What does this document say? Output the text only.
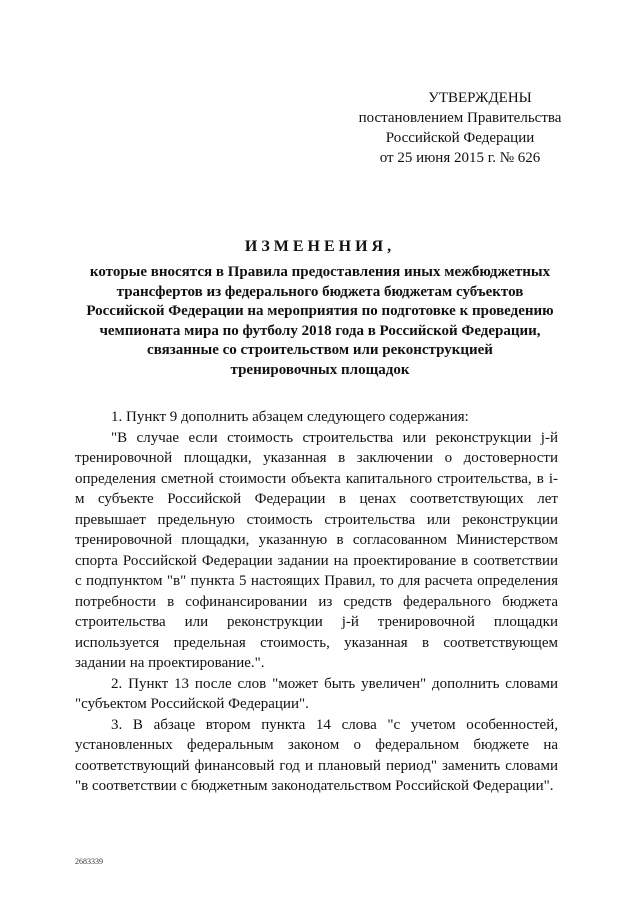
УТВЕРЖДЕНЫ
постановлением Правительства
Российской Федерации
от 25 июня 2015 г. № 626
ИЗМЕНЕНИЯ,
которые вносятся в Правила предоставления иных межбюджетных
трансфертов из федерального бюджета бюджетам субъектов
Российской Федерации на мероприятия по подготовке к проведению
чемпионата мира по футболу 2018 года в Российской Федерации,
связанные со строительством или реконструкцией
тренировочных площадок

1. Пункт 9 дополнить абзацем следующего содержания:

"В случае если стоимость строительства или реконструкции j-й тренировочной площадки, указанная в заключении о достоверности определения сметной стоимости объекта капитального строительства, в i-м субъекте Российской Федерации в ценах соответствующих лет превышает предельную стоимость строительства или реконструкции тренировочной площадки, указанную в согласованном Министерством спорта Российской Федерации задании на проектирование в соответствии с подпунктом "в" пункта 5 настоящих Правил, то для расчета определения потребности в софинансировании из средств федерального бюджета строительства или реконструкции j-й тренировочной площадки используется предельная стоимость, указанная в соответствующем задании на проектирование.".

2. Пункт 13 после слов "может быть увеличен" дополнить словами "субъектом Российской Федерации".

3. В абзаце втором пункта 14 слова "с учетом особенностей, установленных федеральным законом о федеральном бюджете на соответствующий финансовый год и плановый период" заменить словами "в соответствии с бюджетным законодательством Российской Федерации".

2683339
